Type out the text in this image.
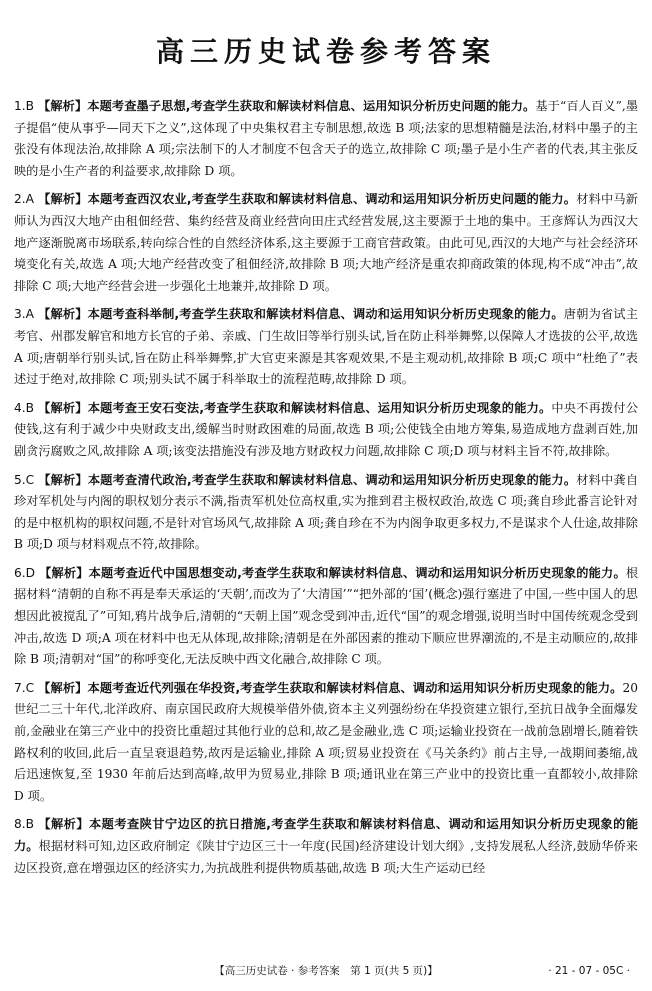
高三历史试卷参考答案
1.B 【解析】本题考查墨子思想,考查学生获取和解读材料信息、运用知识分析历史问题的能力。基于“百人百义”,墨子提倡“使从事乎—同天下之义”,这体现了中央集权君主专制思想,故选 B 项;法家的思想精髓是法治,材料中墨子的主张没有体现法治,故排除 A 项;宗法制下的人才制度不包含天子的选立,故排除 C 项;墨子是小生产者的代表,其主张反映的是小生产者的利益要求,故排除 D 项。
2.A 【解析】本题考查西汉农业,考查学生获取和解读材料信息、调动和运用知识分析历史问题的能力。材料中马新师认为西汉大地产由租佃经营、集约经营及商业经营向田庄式经营发展,这主要源于土地的集中。王彦辉认为西汉大地产逐渐脱离市场联系,转向综合性的自然经济体系,这主要源于工商官营政策。由此可见,西汉的大地产与社会经济环境变化有关,故选 A 项;大地产经营改变了租佃经济,故排除 B 项;大地产经济是重农抑商政策的体现,构不成“冲击”,故排除 C 项;大地产经营会进一步强化土地兼并,故排除 D 项。
3.A 【解析】本题考查科举制,考查学生获取和解读材料信息、调动和运用知识分析历史现象的能力。唐朝为省试主考官、州郡发解官和地方长官的子弟、亲戚、门生故旧等举行别头试,旨在防止科举舞弊,以保障人才选拔的公平,故选 A 项;唐朝举行别头试,旨在防止科举舞弊,扩大官吏来源是其客观效果,不是主观动机,故排除 B 项;C 项中“杜绝了”表述过于绝对,故排除 C 项;别头试不属于科举取士的流程范畴,故排除 D 项。
4.B 【解析】本题考查王安石变法,考查学生获取和解读材料信息、运用知识分析历史现象的能力。中央不再拨付公使钱,这有利于减少中央财政支出,缓解当时财政困难的局面,故选 B 项;公使钱全由地方筹集,易造成地方盘剥百姓,加剧贪污腐败之风,故排除 A 项;该变法措施没有涉及地方财政权力问题,故排除 C 项;D 项与材料主旨不符,故排除。
5.C 【解析】本题考查清代政治,考查学生获取和解读材料信息、调动和运用知识分析历史现象的能力。材料中龚自珍对军机处与内阁的职权划分表示不满,指责军机处位高权重,实为推到君主极权政治,故选 C 项;龚自珍此番言论针对的是中枢机构的职权问题,不是针对官场风气,故排除 A 项;龚自珍在不为内阁争取更多权力,不是谋求个人仕途,故排除 B 项;D 项与材料观点不符,故排除。
6.D 【解析】本题考查近代中国思想变动,考查学生获取和解读材料信息、调动和运用知识分析历史现象的能力。根据材料“清朝的自称不再是奉天承运的‘天朝’,而改为了‘大清国’”“把外部的‘国’(概念)强行塞进了中国,一些中国人的思想因此被搅乱了”可知,鸦片战争后,清朝的“天朝上国”观念受到冲击,近代“国”的观念增强,说明当时中国传统观念受到冲击,故选 D 项;A 项在材料中也无从体现,故排除;清朝是在外部因素的推动下顺应世界潮流的,不是主动顺应的,故排除 B 项;清朝对“国”的称呼变化,无法反映中西文化融合,故排除 C 项。
7.C 【解析】本题考查近代列强在华投资,考查学生获取和解读材料信息、调动和运用知识分析历史现象的能力。20 世纪二三十年代,北洋政府、南京国民政府大规模举借外债,资本主义列强纷纷在华投资建立银行,至抗日战争全面爆发前,金融业在第三产业中的投资比重超过其他行业的总和,故乙是金融业,选 C 项;运输业投资在一战前急剧增长,随着铁路权利的收回,此后一直呈衰退趋势,故丙是运输业,排除 A 项;贸易业投资在《马关条约》前占主导,一战期间萎缩,战后迅速恢复,至 1930 年前后达到高峰,故甲为贸易业,排除 B 项;通讯业在第三产业中的投资比重一直都较小,故排除 D 项。
8.B 【解析】本题考查陕甘宁边区的抗日措施,考查学生获取和解读材料信息、调动和运用知识分析历史现象的能力。根据材料可知,边区政府制定《陕甘宁边区三十一年度(民国)经济建设计划大纲》,支持发展私人经济,鼓励华侨来边区投资,意在增强边区的经济实力,为抗战胜利提供物质基础,故选 B 项;大生产运动已经
【高三历史试卷 · 参考答案　第 1 页(共 5 页)】	· 21 - 07 - 05C ·
